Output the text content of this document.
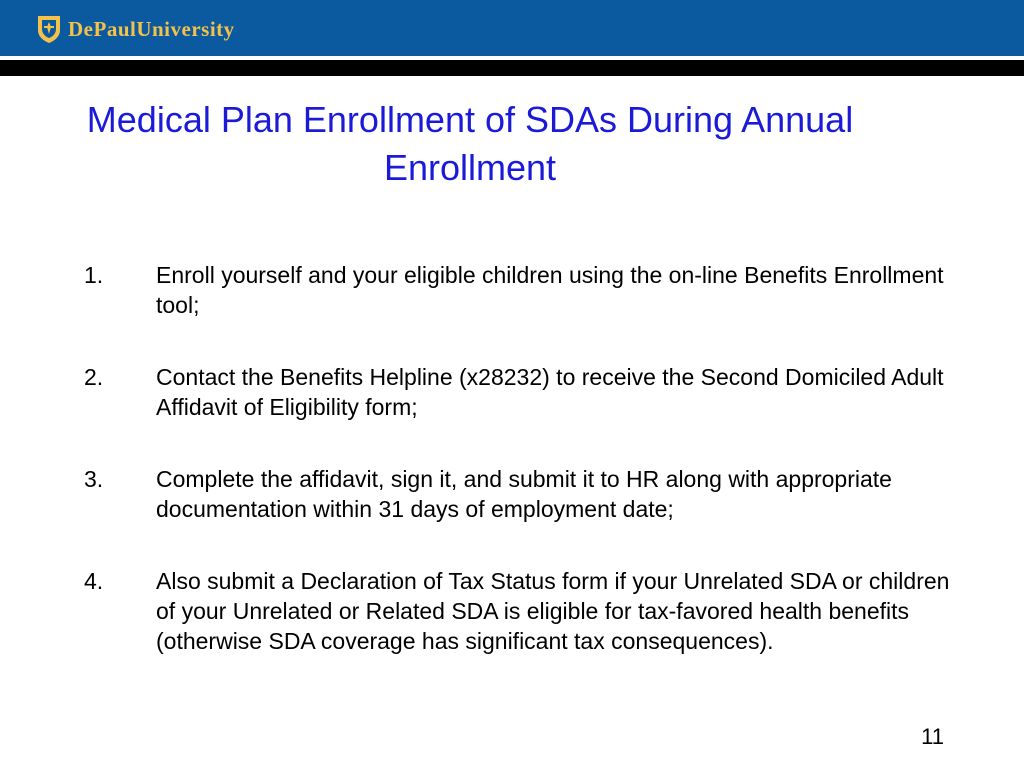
DePaulUniversity
Medical Plan Enrollment of SDAs During Annual Enrollment
1.	Enroll yourself and your eligible children using the on-line Benefits Enrollment tool;
2.	Contact the Benefits Helpline (x28232) to receive the Second Domiciled Adult Affidavit of Eligibility form;
3.	Complete the affidavit, sign it, and submit it to HR along with appropriate documentation within 31 days of employment date;
4.	Also submit a Declaration of Tax Status form if your Unrelated SDA or children of your Unrelated or Related SDA is eligible for tax-favored health benefits (otherwise SDA coverage has significant tax consequences).
11
